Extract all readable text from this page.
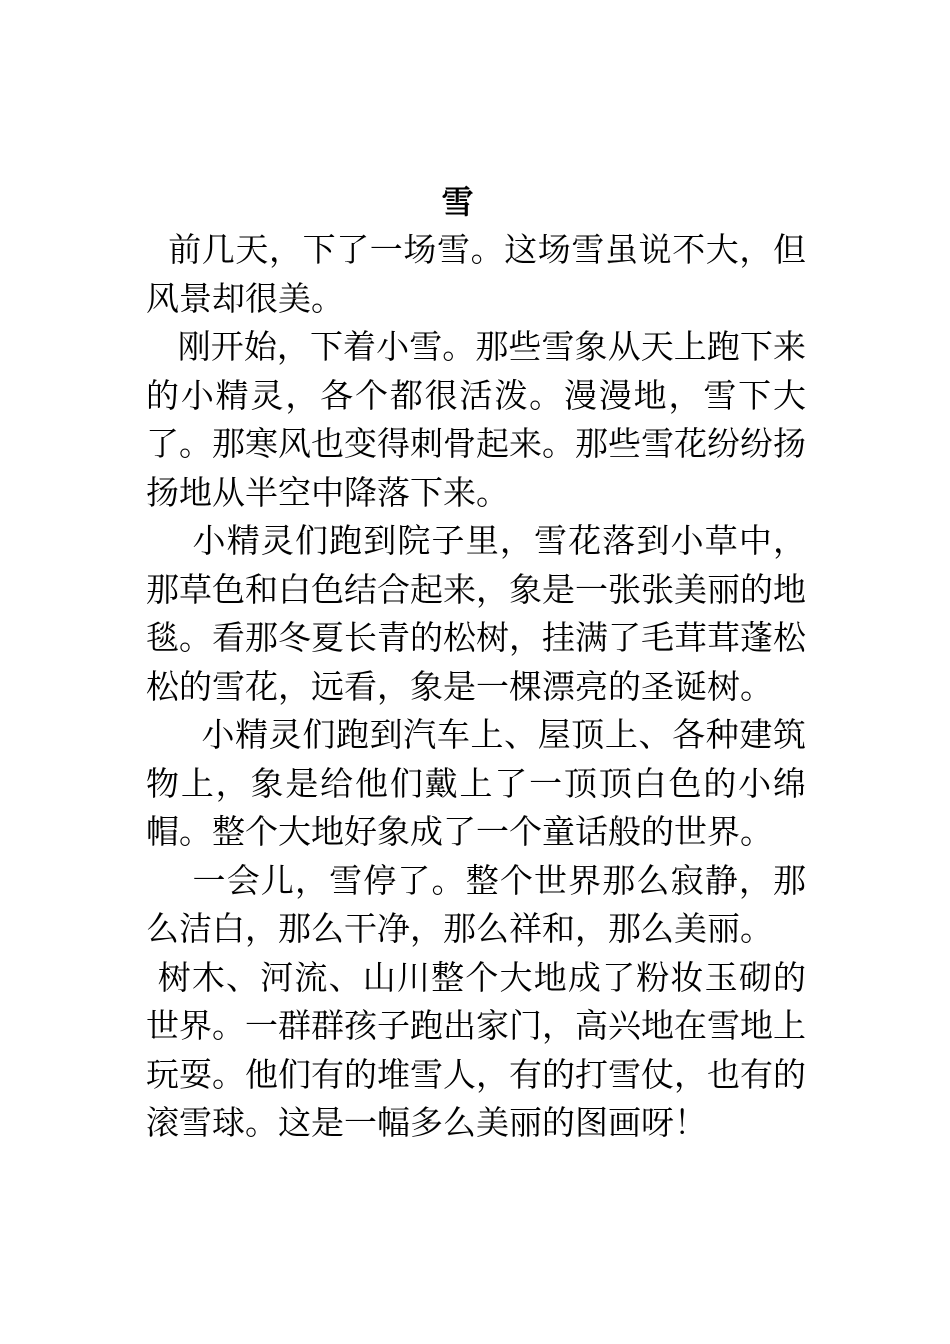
雪

前几天，下了一场雪。这场雪虽说不大，但风景却很美。

刚开始，下着小雪。那些雪象从天上跑下来的小精灵，各个都很活泼。漫漫地，雪下大了。那寒风也变得刺骨起来。那些雪花纷纷扬扬地从半空中降落下来。

小精灵们跑到院子里，雪花落到小草中，那草色和白色结合起来，象是一张张美丽的地毯。看那冬夏长青的松树，挂满了毛茸茸蓬松松的雪花，远看，象是一棵漂亮的圣诞树。

小精灵们跑到汽车上、屋顶上、各种建筑物上，象是给他们戴上了一顶顶白色的小绵帽。整个大地好象成了一个童话般的世界。

一会儿，雪停了。整个世界那么寂静，那么洁白，那么干净，那么祥和，那么美丽。

树木、河流、山川整个大地成了粉妆玉砌的世界。一群群孩子跑出家门，高兴地在雪地上玩耍。他们有的堆雪人，有的打雪仗，也有的滚雪球。这是一幅多么美丽的图画呀！
